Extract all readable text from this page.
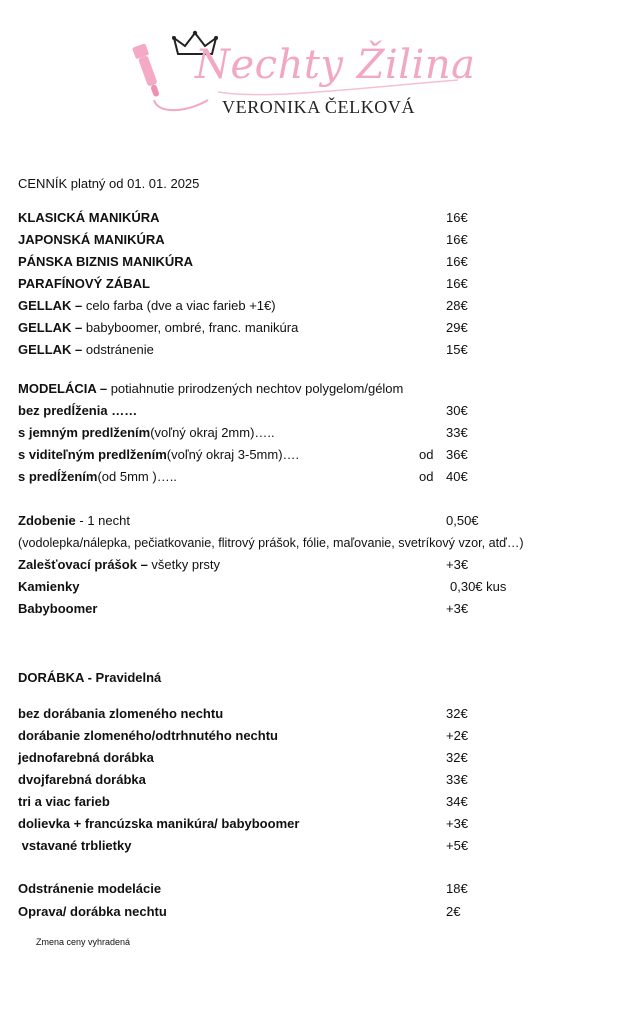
Nechty Žilina
VERONIKA ČELKOVÁ
CENNÍK platný od 01. 01. 2025
KLASICKÁ MANIKÚRA	16€
JAPONSKÁ MANIKÚRA	16€
PÁNSKA BIZNIS MANIKÚRA	16€
PARAFÍNOVÝ ZÁBAL	16€
GELLAK – celo farba (dve a viac farieb +1€)	28€
GELLAK – babyboomer, ombré, franc. manikúra	29€
GELLAK – odstránenie	15€
MODELÁCIA – potiahnutie prirodzených nechtov polygelom/gélom
bez predĺženia ……	30€
s jemným predlžením(voľný okraj 2mm)…..	33€
s viditeľným predlžením(voľný okraj 3-5mm)….	od 36€
s predĺžením(od 5mm )…..	od 40€
Zdobenie - 1 necht	0,50€
(vodolepka/nálepka, pečiatkovanie, flitrový prášok, fólie, maľovanie, svetríkový vzor, atď…)
Zalešťovací prášok – všetky prsty	+3€
Kamienky	0,30€ kus
Babyboomer	+3€
DORÁBKA - Pravidelná
bez dorábania zlomeného nechtu	32€
dorábanie zlomeného/odtrhnutého nechtu	+2€
jednofarebná dorábka	32€
dvojfarebná dorábka	33€
tri a viac farieb	34€
dolievka + francúzska manikúra/ babyboomer	+3€
vstavané trblietky	+5€
Odstránenie modelácie	18€
Oprava/ dorábka nechtu	2€
Zmena ceny vyhradená
